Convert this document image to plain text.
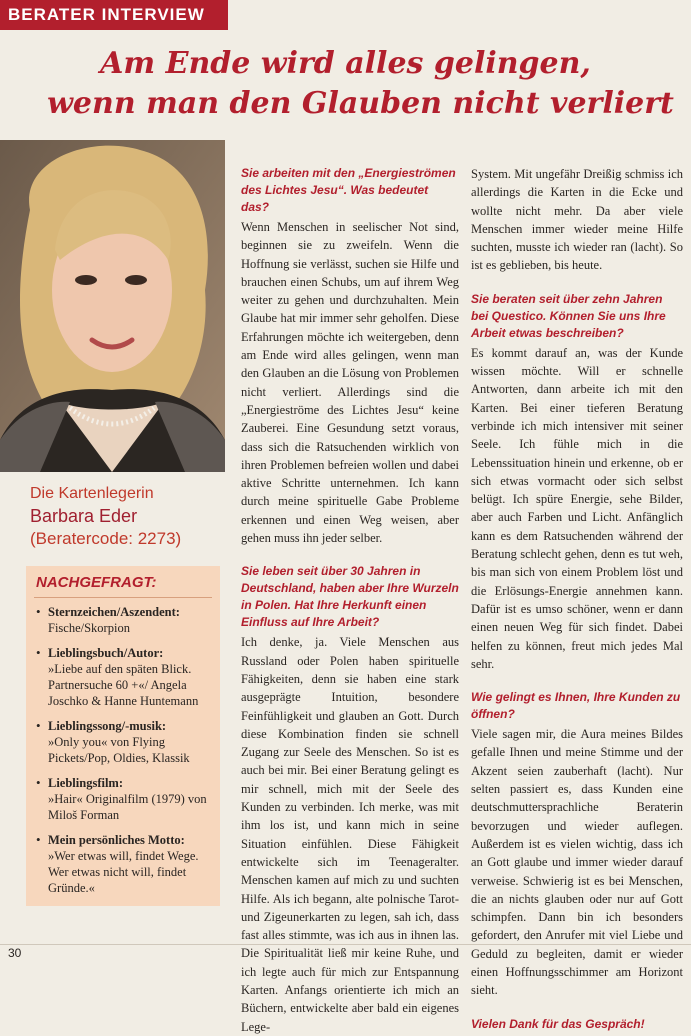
BERATER INTERVIEW
Am Ende wird alles gelingen,

wenn man den Glauben nicht verliert
Die Kartenlegerin
Barbara Eder
(Beratercode: 2273)
NACHGEFRAGT:
• Sternzeichen/Aszendent:
Fische/Skorpion
• Lieblingsbuch/Autor:
»Liebe auf den späten Blick. Partnersuche 60 +«/ Angela Joschko & Hanne Huntemann
• Lieblingssong/-musik:
»Only you« von Flying Pickets/Pop, Oldies, Klassik
• Lieblingsfilm:
»Hair« Originalfilm (1979) von Miloš Forman
• Mein persönliches Motto:
»Wer etwas will, findet Wege. Wer etwas nicht will, findet Gründe.«
Sie arbeiten mit den „Energieströmen des Lichtes Jesu“. Was bedeutet das?

Wenn Menschen in seelischer Not sind, beginnen sie zu zweifeln. Wenn die Hoffnung sie verlässt, suchen sie Hilfe und brauchen einen Schubs, um auf ihrem Weg weiter zu gehen und durchzuhalten. Mein Glaube hat mir immer sehr geholfen. Diese Erfahrungen möchte ich weitergeben, denn am Ende wird alles gelingen, wenn man den Glauben an die Lösung von Problemen nicht verliert. Allerdings sind die „Energieströme des Lichtes Jesu“ keine Zauberei. Eine Gesundung setzt voraus, dass sich die Ratsuchenden wirklich von ihren Problemen befreien wollen und dabei aktive Schritte unternehmen. Ich kann durch meine spirituelle Gabe Probleme erkennen und einen Weg weisen, aber gehen muss ihn jeder selber.

Sie leben seit über 30 Jahren in Deutschland, haben aber Ihre Wurzeln in Polen. Hat Ihre Herkunft einen Einfluss auf Ihre Arbeit?

Ich denke, ja. Viele Menschen aus Russland oder Polen haben spirituelle Fähigkeiten, denn sie haben eine stark ausgeprägte Intuition, besondere Feinfühligkeit und glauben an Gott. Durch diese Kombination finden sie schnell Zugang zur Seele des Menschen. So ist es auch bei mir. Bei einer Beratung gelingt es mir schnell, mich mit der Seele des Kunden zu verbinden. Ich merke, was mit ihm los ist, und kann mich in seine Situation einfühlen. Diese Fähigkeit entwickelte sich im Teenageralter. Menschen kamen auf mich zu und suchten Hilfe. Als ich begann, alte polnische Tarot- und Zigeunerkarten zu legen, sah ich, dass fast alles stimmte, was ich aus in ihnen las. Die Spiritualität ließ mir keine Ruhe, und ich legte auch für mich zur Entspannung Karten. Anfangs orientierte ich mich an Büchern, entwickelte aber bald ein eigenes Lege-

System. Mit ungefähr Dreißig schmiss ich allerdings die Karten in die Ecke und wollte nicht mehr. Da aber viele Menschen immer wieder meine Hilfe suchten, musste ich wieder ran (lacht). So ist es geblieben, bis heute.

Sie beraten seit über zehn Jahren bei Questico. Können Sie uns Ihre Arbeit etwas beschreiben?

Es kommt darauf an, was der Kunde wissen möchte. Will er schnelle Antworten, dann arbeite ich mit den Karten. Bei einer tieferen Beratung verbinde ich mich intensiver mit seiner Seele. Ich fühle mich in die Lebenssituation hinein und erkenne, ob er sich etwas vormacht oder sich selbst belügt. Ich spüre Energie, sehe Bilder, aber auch Farben und Licht. Anfänglich kann es dem Ratsuchenden während der Beratung schlecht gehen, denn es tut weh, bis man sich von einem Problem löst und die Erlösungs-Energie annehmen kann. Dafür ist es umso schöner, wenn er dann einen neuen Weg für sich findet. Dabei helfen zu können, freut mich jedes Mal sehr.

Wie gelingt es Ihnen, Ihre Kunden zu öffnen?

Viele sagen mir, die Aura meines Bildes gefalle Ihnen und meine Stimme und der Akzent seien zauberhaft (lacht). Nur selten passiert es, dass Kunden eine deutschmuttersprachliche Beraterin bevorzugen und wieder auflegen. Außerdem ist es vielen wichtig, dass ich an Gott glaube und immer wieder darauf verweise. Schwierig ist es bei Menschen, die an nichts glauben oder nur auf Gott schimpfen. Dann bin ich besonders gefordert, den Anrufer mit viel Liebe und Geduld zu begleiten, damit er wieder einen Hoffnungsschimmer am Horizont sieht.

Vielen Dank für das Gespräch!
30
